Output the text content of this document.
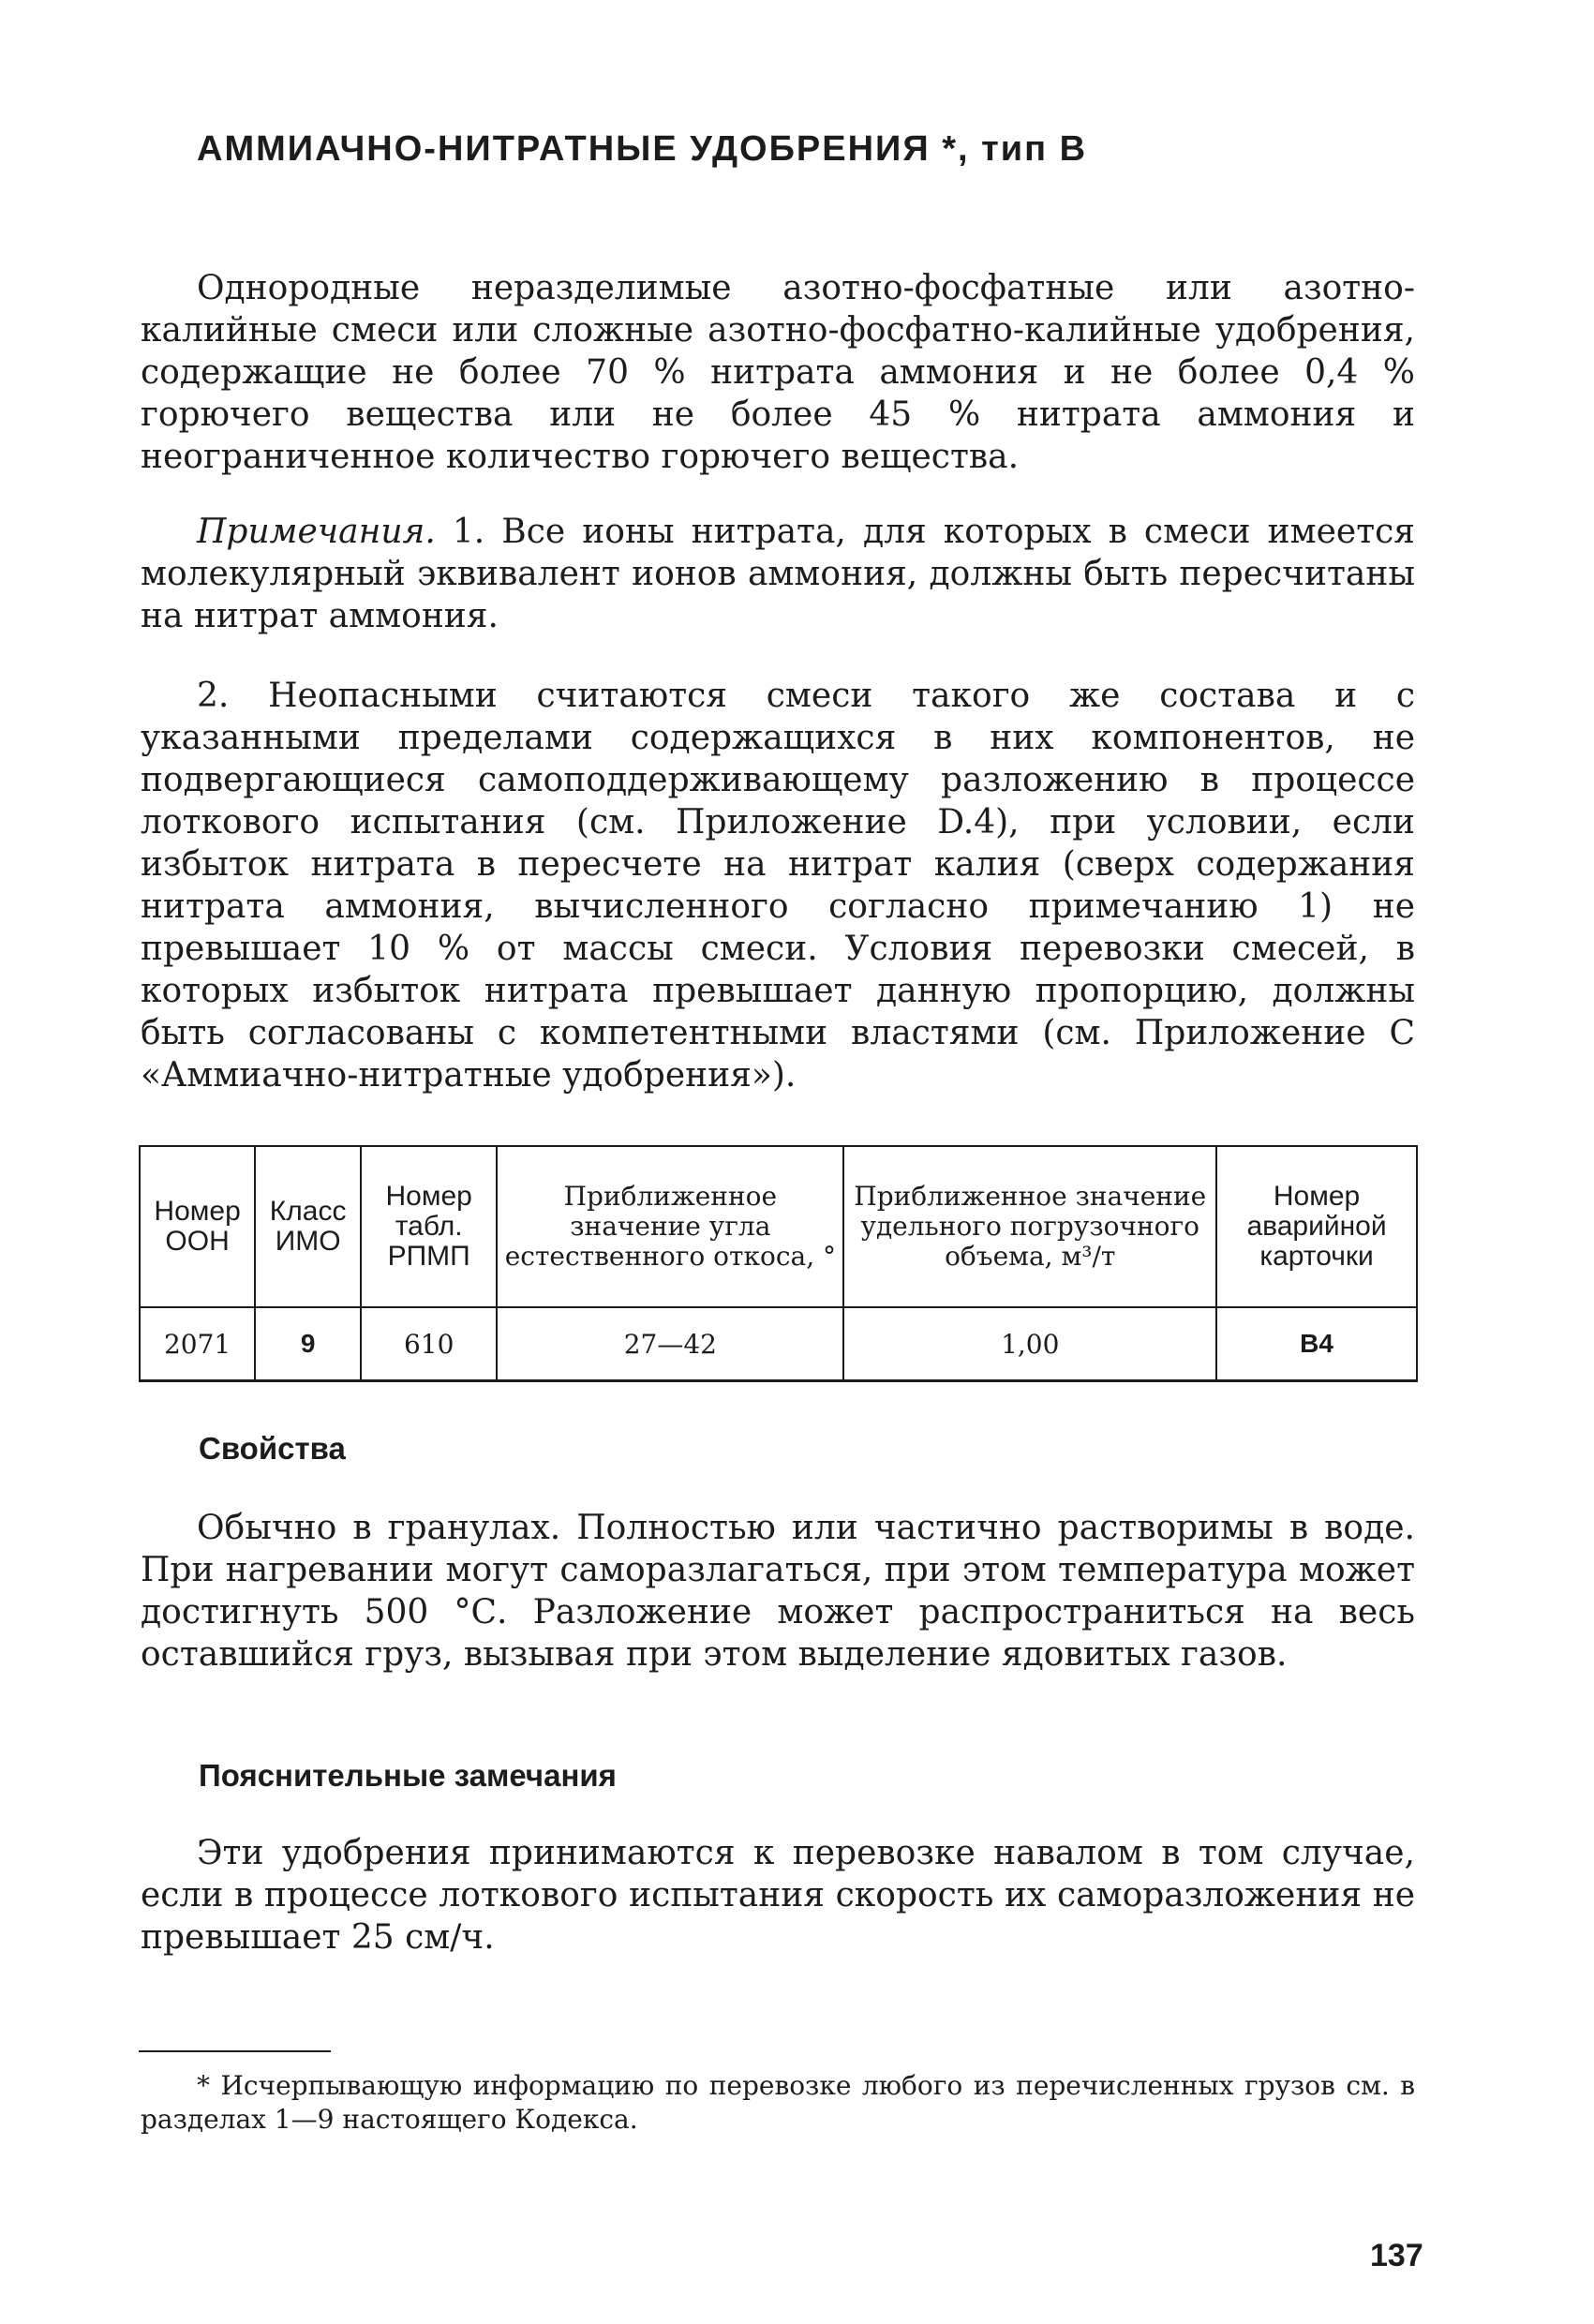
АММИАЧНО-НИТРАТНЫЕ УДОБРЕНИЯ *, тип В

Однородные неразделимые азотно-фосфатные или азотно-калийные смеси или сложные азотно-фосфатно-калийные удобрения, содержащие не более 70 % нитрата аммония и не более 0,4 % горючего вещества или не более 45 % нитрата аммония и неограниченное количество горючего вещества.

Примечания. 1. Все ионы нитрата, для которых в смеси имеется молекулярный эквивалент ионов аммония, должны быть пересчитаны на нитрат аммония.

2. Неопасными считаются смеси такого же состава и с указанными пределами содержащихся в них компонентов, не подвергающиеся самоподдерживающему разложению в процессе лоткового испытания (см. Приложение D.4), при условии, если избыток нитрата в пересчете на нитрат калия (сверх содержания нитрата аммония, вычисленного согласно примечанию 1) не превышает 10 % от массы смеси. Условия перевозки смесей, в которых избыток нитрата превышает данную пропорцию, должны быть согласованы с компетентными властями (см. Приложение С «Аммиачно-нитратные удобрения»).

Номер ООН	Класс ИМО	Номер табл. РПМП	Приближенное значение угла естественного откоса, °	Приближенное значение удельного погрузочного объема, м³/т	Номер аварийной карточки
2071	9	610	27—42	1,00	B4
Свойства

Обычно в гранулах. Полностью или частично растворимы в воде. При нагревании могут саморазлагаться, при этом температура может достигнуть 500 °С. Разложение может распространиться на весь оставшийся груз, вызывая при этом выделение ядовитых газов.

Пояснительные замечания

Эти удобрения принимаются к перевозке навалом в том случае, если в процессе лоткового испытания скорость их саморазложения не превышает 25 см/ч.

* Исчерпывающую информацию по перевозке любого из перечисленных грузов см. в разделах 1—9 настоящего Кодекса.

137
